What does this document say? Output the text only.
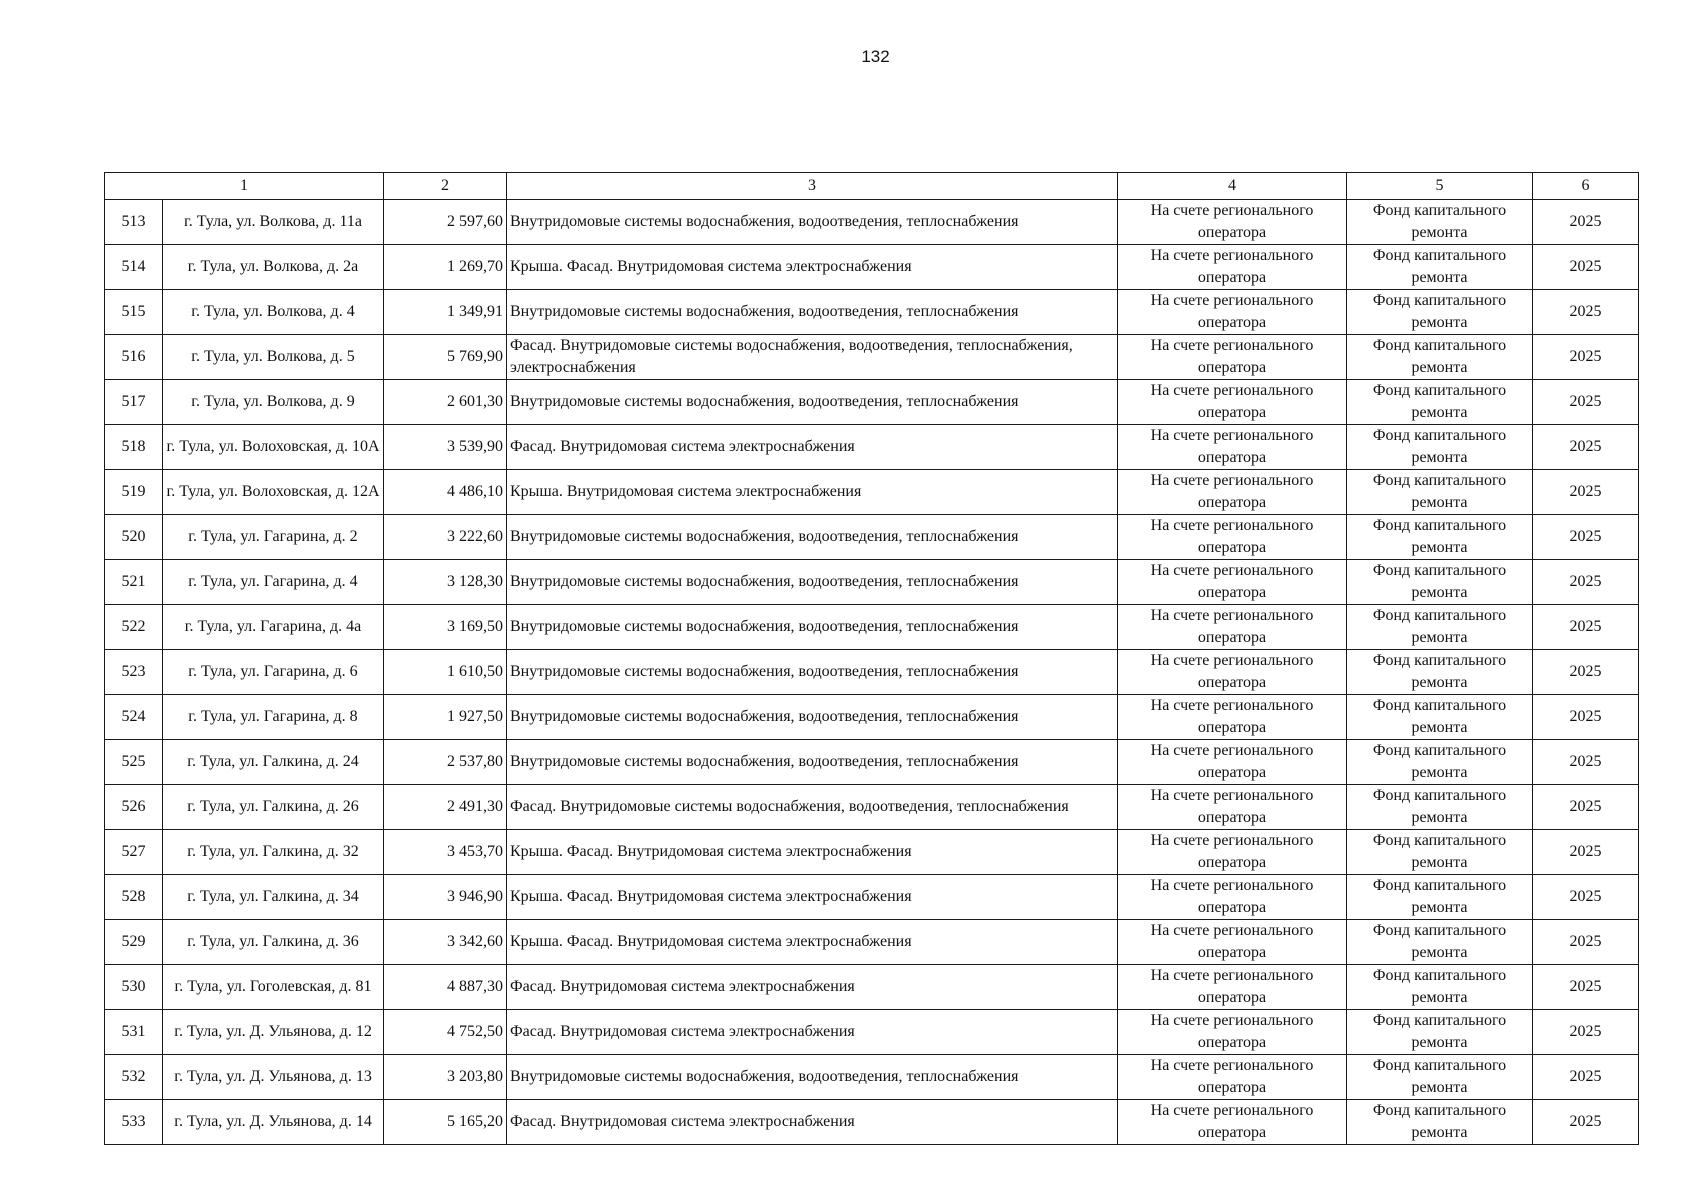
132
1		2	3	4	5	6
513	г. Тула, ул. Волкова, д. 11а	2 597,60	Внутридомовые системы водоснабжения, водоотведения, теплоснабжения	На счете регионального оператора	Фонд капитального ремонта	2025
514	г. Тула, ул. Волкова, д. 2а	1 269,70	Крыша. Фасад. Внутридомовая система электроснабжения	На счете регионального оператора	Фонд капитального ремонта	2025
515	г. Тула, ул. Волкова, д. 4	1 349,91	Внутридомовые системы водоснабжения, водоотведения, теплоснабжения	На счете регионального оператора	Фонд капитального ремонта	2025
516	г. Тула, ул. Волкова, д. 5	5 769,90	Фасад. Внутридомовые системы водоснабжения, водоотведения, теплоснабжения, электроснабжения	На счете регионального оператора	Фонд капитального ремонта	2025
517	г. Тула, ул. Волкова, д. 9	2 601,30	Внутридомовые системы водоснабжения, водоотведения, теплоснабжения	На счете регионального оператора	Фонд капитального ремонта	2025
518	г. Тула, ул. Волоховская, д. 10А	3 539,90	Фасад. Внутридомовая система электроснабжения	На счете регионального оператора	Фонд капитального ремонта	2025
519	г. Тула, ул. Волоховская, д. 12А	4 486,10	Крыша. Внутридомовая система электроснабжения	На счете регионального оператора	Фонд капитального ремонта	2025
520	г. Тула, ул. Гагарина, д. 2	3 222,60	Внутридомовые системы водоснабжения, водоотведения, теплоснабжения	На счете регионального оператора	Фонд капитального ремонта	2025
521	г. Тула, ул. Гагарина, д. 4	3 128,30	Внутридомовые системы водоснабжения, водоотведения, теплоснабжения	На счете регионального оператора	Фонд капитального ремонта	2025
522	г. Тула, ул. Гагарина, д. 4а	3 169,50	Внутридомовые системы водоснабжения, водоотведения, теплоснабжения	На счете регионального оператора	Фонд капитального ремонта	2025
523	г. Тула, ул. Гагарина, д. 6	1 610,50	Внутридомовые системы водоснабжения, водоотведения, теплоснабжения	На счете регионального оператора	Фонд капитального ремонта	2025
524	г. Тула, ул. Гагарина, д. 8	1 927,50	Внутридомовые системы водоснабжения, водоотведения, теплоснабжения	На счете регионального оператора	Фонд капитального ремонта	2025
525	г. Тула, ул. Галкина, д. 24	2 537,80	Внутридомовые системы водоснабжения, водоотведения, теплоснабжения	На счете регионального оператора	Фонд капитального ремонта	2025
526	г. Тула, ул. Галкина, д. 26	2 491,30	Фасад. Внутридомовые системы водоснабжения, водоотведения, теплоснабжения	На счете регионального оператора	Фонд капитального ремонта	2025
527	г. Тула, ул. Галкина, д. 32	3 453,70	Крыша. Фасад. Внутридомовая система электроснабжения	На счете регионального оператора	Фонд капитального ремонта	2025
528	г. Тула, ул. Галкина, д. 34	3 946,90	Крыша. Фасад. Внутридомовая система электроснабжения	На счете регионального оператора	Фонд капитального ремонта	2025
529	г. Тула, ул. Галкина, д. 36	3 342,60	Крыша. Фасад. Внутридомовая система электроснабжения	На счете регионального оператора	Фонд капитального ремонта	2025
530	г. Тула, ул. Гоголевская, д. 81	4 887,30	Фасад. Внутридомовая система электроснабжения	На счете регионального оператора	Фонд капитального ремонта	2025
531	г. Тула, ул. Д. Ульянова, д. 12	4 752,50	Фасад. Внутридомовая система электроснабжения	На счете регионального оператора	Фонд капитального ремонта	2025
532	г. Тула, ул. Д. Ульянова, д. 13	3 203,80	Внутридомовые системы водоснабжения, водоотведения, теплоснабжения	На счете регионального оператора	Фонд капитального ремонта	2025
533	г. Тула, ул. Д. Ульянова, д. 14	5 165,20	Фасад. Внутридомовая система электроснабжения	На счете регионального оператора	Фонд капитального ремонта	2025
